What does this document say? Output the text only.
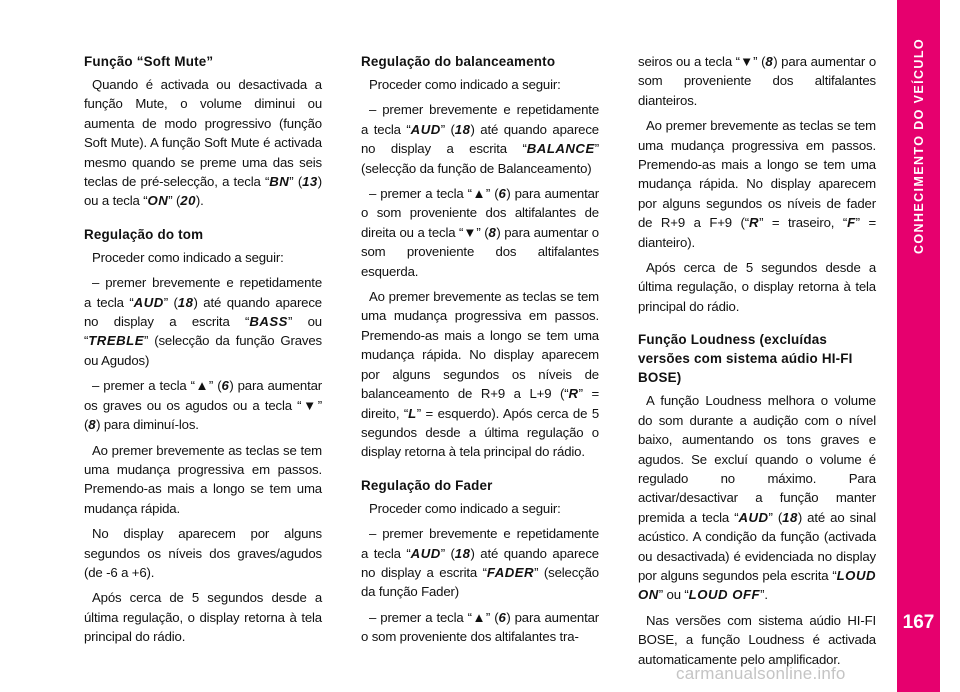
Função “Soft Mute”

Quando é activada ou desactivada a função Mute, o volume diminui ou aumenta de modo progressivo (função Soft Mute). A função Soft Mute é activada mesmo quando se preme uma das seis teclas de pré-selecção, a tecla “BN” (13) ou a tecla “ON” (20).

Regulação do tom

Proceder como indicado a seguir:

– premer brevemente e repetidamente a tecla “AUD” (18) até quando aparece no display a escrita “BASS” ou “TREBLE” (selecção da função Graves ou Agudos)

– premer a tecla “▲” (6) para aumentar os graves ou os agudos ou a tecla “▼” (8) para diminuí-los.

Ao premer brevemente as teclas se tem uma mudança progressiva em passos. Premendo-as mais a longo se tem uma mudança rápida.

No display aparecem por alguns segundos os níveis dos graves/agudos (de -6 a +6).

Após cerca de 5 segundos desde a última regulação, o display retorna à tela principal do rádio.

Regulação do balanceamento

Proceder como indicado a seguir:

– premer brevemente e repetidamente a tecla “AUD” (18) até quando aparece no display a escrita “BALANCE” (selecção da função de Balanceamento)

– premer a tecla “▲” (6) para aumentar o som proveniente dos altifalantes de direita ou a tecla “▼” (8) para aumentar o som proveniente dos altifalantes esquerda.

Ao premer brevemente as teclas se tem uma mudança progressiva em passos. Premendo-as mais a longo se tem uma mudança rápida. No display aparecem por alguns segundos os níveis de balanceamento de R+9 a L+9 (“R” = direito, “L” = esquerdo). Após cerca de 5 segundos desde a última regulação o display retorna à tela principal do rádio.

Regulação do Fader

Proceder como indicado a seguir:

– premer brevemente e repetidamente a tecla “AUD” (18) até quando aparece no display a escrita “FADER” (selecção da função Fader)

– premer a tecla “▲” (6) para aumentar o som proveniente dos altifalantes tra-

seiros ou a tecla “▼” (8) para aumentar o som proveniente dos altifalantes dianteiros.

Ao premer brevemente as teclas se tem uma mudança progressiva em passos. Premendo-as mais a longo se tem uma mudança rápida. No display aparecem por alguns segundos os níveis de fader de R+9 a F+9 (“R” = traseiro, “F” = dianteiro).

Após cerca de 5 segundos desde a última regulação, o display retorna à tela principal do rádio.

Função Loudness (excluídas versões com sistema aúdio HI-FI BOSE)

A função Loudness melhora o volume do som durante a audição com o nível baixo, aumentando os tons graves e agudos. Se excluí quando o volume é regulado no máximo. Para activar/desactivar a função manter premida a tecla “AUD” (18) até ao sinal acústico. A condição da função (activada ou desactivada) é evidenciada no display por alguns segundos pela escrita “LOUD ON” ou “LOUD OFF”.

Nas versões com sistema aúdio HI-FI BOSE, a função Loudness é activada automaticamente pelo amplificador.

CONHECIMENTO DO VEÍCULO
167
carmanualsonline.info
